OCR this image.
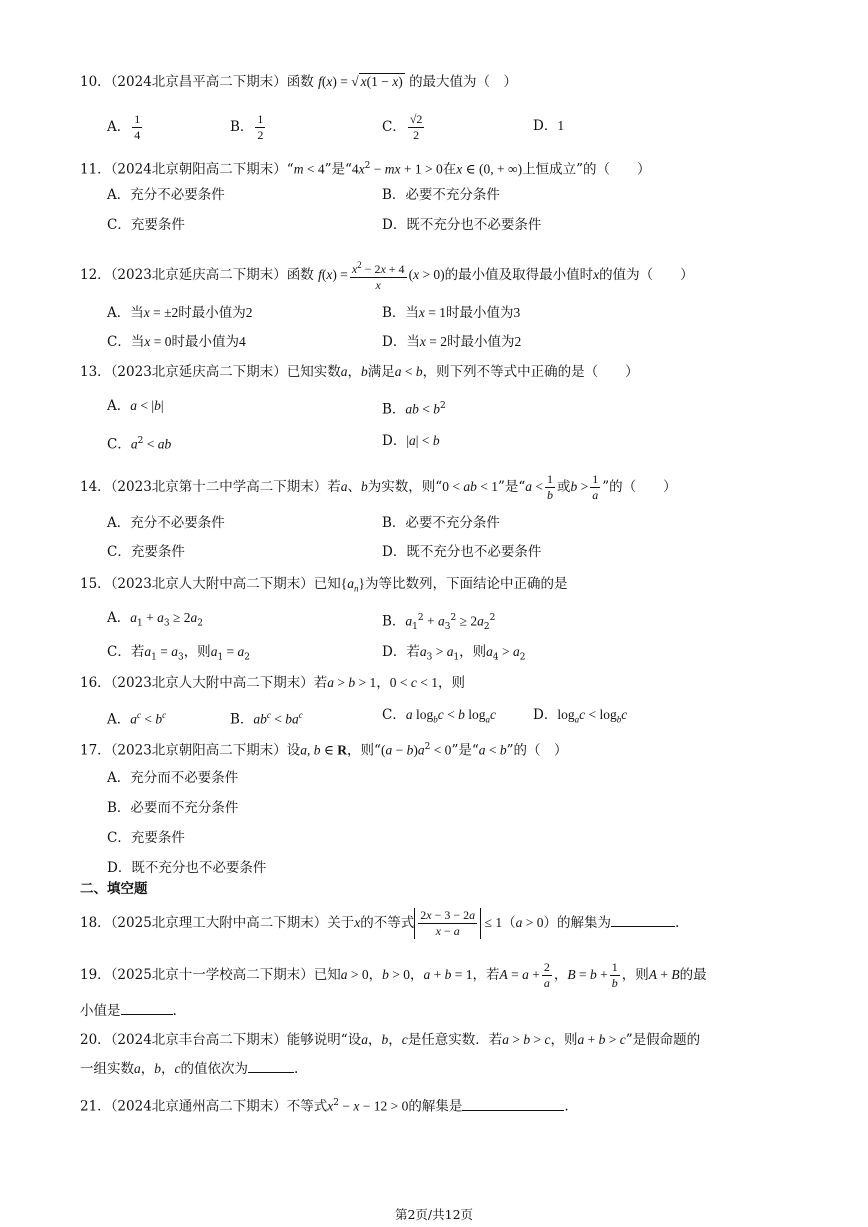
10．（2024北京昌平高二下期末）函数 f(x) = √ x(1 − x) 的最大值为（　）
A． $\frac{1}{4}$	B． $\frac{1}{2}$	C． $\frac{√2}{2}$	D．1
11．（2024北京朝阳高二下期末）“m < 4”是“$4x^2$ − mx + 1 > 0在x ∈ (0, + ∞)上恒成立”的（　　）
A．充分不必要条件	B．必要不充分条件
C．充要条件	D．既不充分也不必要条件
12．（2023北京延庆高二下期末）函数 $f(x) = \frac{x^2 - 2x + 4}{x} (x > 0)$的最小值及取得最小值时x的值为（　　）
A．当x = ±2时最小值为2	B．当x = 1时最小值为3
C．当x = 0时最小值为4	D．当x = 2时最小值为2
13．（2023北京延庆高二下期末）已知实数a，b满足a < b，则下列不等式中正确的是（　　）
A．a < |b|	B．ab < $b^2$
C．$a^2$ < ab	D．|a| < b
14．（2023北京第十二中学高二下期末）若a、b为实数，则“0 < ab < 1”是“$a < \frac{1}{b}$ 或$b > \frac{1}{a}$ ”的（　　）
A．充分不必要条件	B．必要不充分条件
C．充要条件	D．既不充分也不必要条件
15．（2023北京人大附中高二下期末）已知$\{a_n\}$为等比数列，下面结论中正确的是
A．$a_1 + a_3 \ge 2a_2$	B．$a_1^2 + a_3^2 \ge 2a_2^2$
C．若$a_1 = a_3$，则$a_1 = a_2$	D．若$a_3 > a_1$，则$a_4 > a_2$
16．（2023北京人大附中高二下期末）若a > b > 1，0 < c < 1，则
A．$a^c < b^c$	B．$ab^c < ba^c$	C．a $\log_bc < b$ $\log_ac$	D．$\log_ac < \log_bc$
17．（2023北京朝阳高二下期末）设a, b ∈ R，则“$(a - b)a^2 < 0$”是“a < b”的（　）
A．充分而不必要条件
B．必要而不充分条件
C．充要条件
D．既不充分也不必要条件
二、填空题
18．（2025北京理工大附中高二下期末）关于x的不等式 $\frac{2x - 3 - 2a}{x - a} \le 1(a > 0)$的解集为	.
19．（2025北京十一学校高二下期末）已知a > 0，b > 0，a + b = 1，若$A = a + \frac{2}{a}$ ，$B = b + \frac{1}{b}$ ，则A + B的最
小值是	.
20．（2024北京丰台高二下期末）能够说明“设a，b，c是任意实数．若a > b > c，则a + b > c”是假命题的
一组实数a，b，c的值依次为	.
21．（2024北京通州高二下期末）不等式$x^2 - x - 12 > 0$的解集是	.
第2页/共12页
